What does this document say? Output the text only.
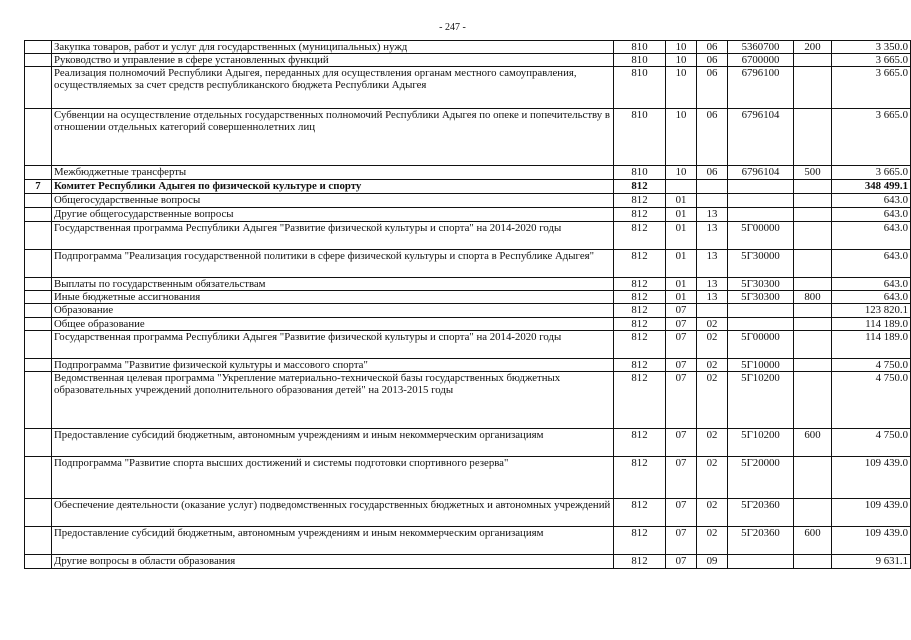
- 247 -
	Закупка товаров, работ и услуг для государственных (муниципальных) нужд	810	10	06	5360700	200	3 350.0
	Руководство и управление в сфере установленных функций	810	10	06	6700000		3 665.0
	Реализация полномочий Республики Адыгея, переданных для осуществления органам местного самоуправления, осуществляемых за счет средств республиканского бюджета Республики Адыгея	810	10	06	6796100		3 665.0
	Субвенции на осуществление отдельных государственных полномочий Республики Адыгея по опеке и попечительству в отношении отдельных категорий совершеннолетних лиц	810	10	06	6796104		3 665.0
	Межбюджетные трансферты	810	10	06	6796104	500	3 665.0
7	Комитет Республики Адыгея по физической культуре и спорту	812					348 499.1
	Общегосударственные вопросы	812	01				643.0
	Другие общегосударственные вопросы	812	01	13			643.0
	Государственная программа Республики Адыгея "Развитие физической культуры и спорта" на 2014-2020 годы	812	01	13	5Г00000		643.0
	Подпрограмма "Реализация государственной политики в сфере физической культуры и спорта в Республике Адыгея"	812	01	13	5Г30000		643.0
	Выплаты по государственным обязательствам	812	01	13	5Г30300		643.0
	Иные бюджетные ассигнования	812	01	13	5Г30300	800	643.0
	Образование	812	07				123 820.1
	Общее образование	812	07	02			114 189.0
	Государственная программа Республики Адыгея "Развитие физической культуры и спорта" на 2014-2020 годы	812	07	02	5Г00000		114 189.0
	Подпрограмма "Развитие физической культуры и массового спорта"	812	07	02	5Г10000		4 750.0
	Ведомственная целевая программа "Укрепление материально-технической базы государственных бюджетных образовательных учреждений дополнительного образования детей" на 2013-2015 годы	812	07	02	5Г10200		4 750.0
	Предоставление субсидий бюджетным, автономным учреждениям и иным некоммерческим организациям	812	07	02	5Г10200	600	4 750.0
	Подпрограмма "Развитие спорта высших достижений и системы подготовки спортивного резерва"	812	07	02	5Г20000		109 439.0
	Обеспечение деятельности (оказание услуг) подведомственных государственных бюджетных и автономных учреждений	812	07	02	5Г20360		109 439.0
	Предоставление субсидий бюджетным, автономным учреждениям и иным некоммерческим организациям	812	07	02	5Г20360	600	109 439.0
	Другие вопросы в области образования	812	07	09			9 631.1
